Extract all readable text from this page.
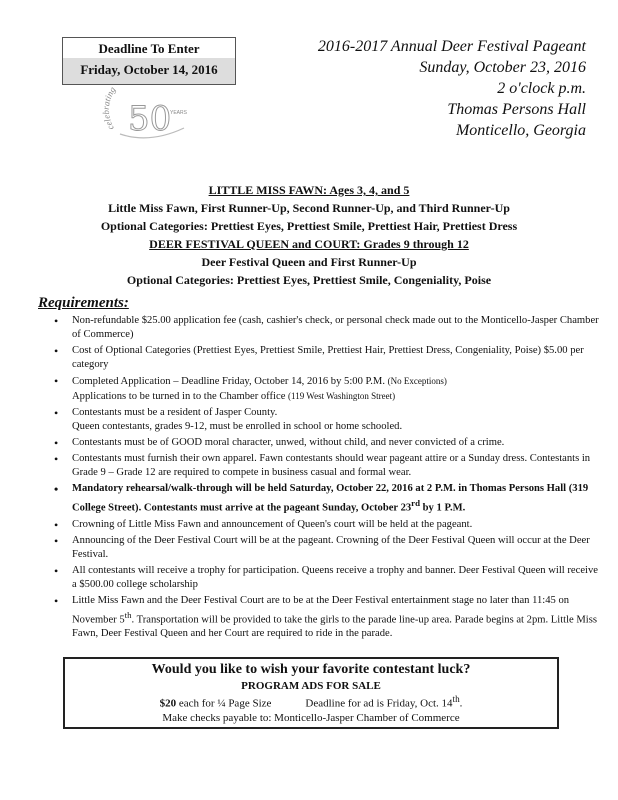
Deadline To Enter
Friday, October 14, 2016
celebrating
50
YEARS
2016-2017 Annual Deer Festival Pageant
Sunday, October 23, 2016
2 o'clock p.m.
Thomas Persons Hall
Monticello, Georgia
LITTLE MISS FAWN: Ages 3, 4, and 5
Little Miss Fawn, First Runner-Up, Second Runner-Up, and Third Runner-Up
Optional Categories: Prettiest Eyes, Prettiest Smile, Prettiest Hair, Prettiest Dress
DEER FESTIVAL QUEEN and COURT: Grades 9 through 12
Deer Festival Queen and First Runner-Up
Optional Categories: Prettiest Eyes, Prettiest Smile, Congeniality, Poise
Requirements:
• Non-refundable $25.00 application fee (cash, cashier's check, or personal check made out to the Monticello-Jasper Chamber of Commerce)
• Cost of Optional Categories (Prettiest Eyes, Prettiest Smile, Prettiest Hair, Prettiest Dress, Congeniality, Poise) $5.00 per category
• Completed Application – Deadline Friday, October 14, 2016 by 5:00 P.M. (No Exceptions)
Applications to be turned in to the Chamber office (119 West Washington Street)
• Contestants must be a resident of Jasper County.
Queen contestants, grades 9-12, must be enrolled in school or home schooled.
• Contestants must be of GOOD moral character, unwed, without child, and never convicted of a crime.
• Contestants must furnish their own apparel. Fawn contestants should wear pageant attire or a Sunday dress. Contestants in Grade 9 – Grade 12 are required to compete in business casual and formal wear.
• Mandatory rehearsal/walk-through will be held Saturday, October 22, 2016 at 2 P.M. in Thomas Persons Hall (319 College Street). Contestants must arrive at the pageant Sunday, October 23rd by 1 P.M.
• Crowning of Little Miss Fawn and announcement of Queen's court will be held at the pageant.
• Announcing of the Deer Festival Court will be at the pageant. Crowning of the Deer Festival Queen will occur at the Deer Festival.
• All contestants will receive a trophy for participation. Queens receive a trophy and banner. Deer Festival Queen will receive a $500.00 college scholarship
• Little Miss Fawn and the Deer Festival Court are to be at the Deer Festival entertainment stage no later than 11:45 on November 5th. Transportation will be provided to take the girls to the parade line-up area. Parade begins at 2pm. Little Miss Fawn, Deer Festival Queen and her Court are required to ride in the parade.
Would you like to wish your favorite contestant luck?
PROGRAM ADS FOR SALE
$20 each for ¼ Page Size	Deadline for ad is Friday, Oct. 14th.
Make checks payable to: Monticello-Jasper Chamber of Commerce
